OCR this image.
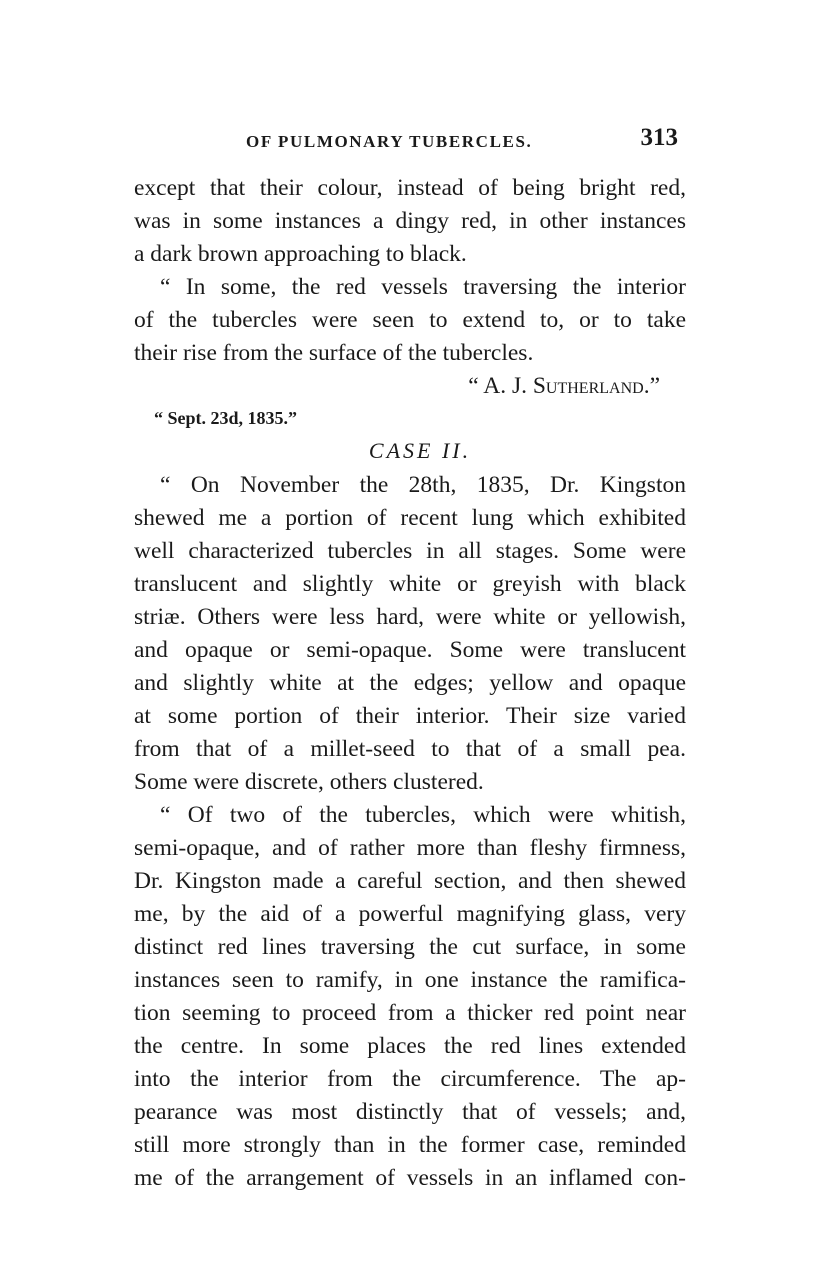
OF PULMONARY TUBERCLES.	313
except that their colour, instead of being bright red,
was in some instances a dingy red, in other instances
a dark brown approaching to black.
“ In some, the red vessels traversing the interior
of the tubercles were seen to extend to, or to take
their rise from the surface of the tubercles.
“ A. J. Sutherland.”
“ Sept. 23d, 1835.”
CASE II.
“ On November the 28th, 1835, Dr. Kingston
shewed me a portion of recent lung which exhibited
well characterized tubercles in all stages. Some were
translucent and slightly white or greyish with black
striæ. Others were less hard, were white or yellowish,
and opaque or semi-opaque. Some were translucent
and slightly white at the edges; yellow and opaque
at some portion of their interior. Their size varied
from that of a millet-seed to that of a small pea.
Some were discrete, others clustered.
“ Of two of the tubercles, which were whitish,
semi-opaque, and of rather more than fleshy firmness,
Dr. Kingston made a careful section, and then shewed
me, by the aid of a powerful magnifying glass, very
distinct red lines traversing the cut surface, in some
instances seen to ramify, in one instance the ramifica-
tion seeming to proceed from a thicker red point near
the centre. In some places the red lines extended
into the interior from the circumference. The ap-
pearance was most distinctly that of vessels; and,
still more strongly than in the former case, reminded
me of the arrangement of vessels in an inflamed con-
